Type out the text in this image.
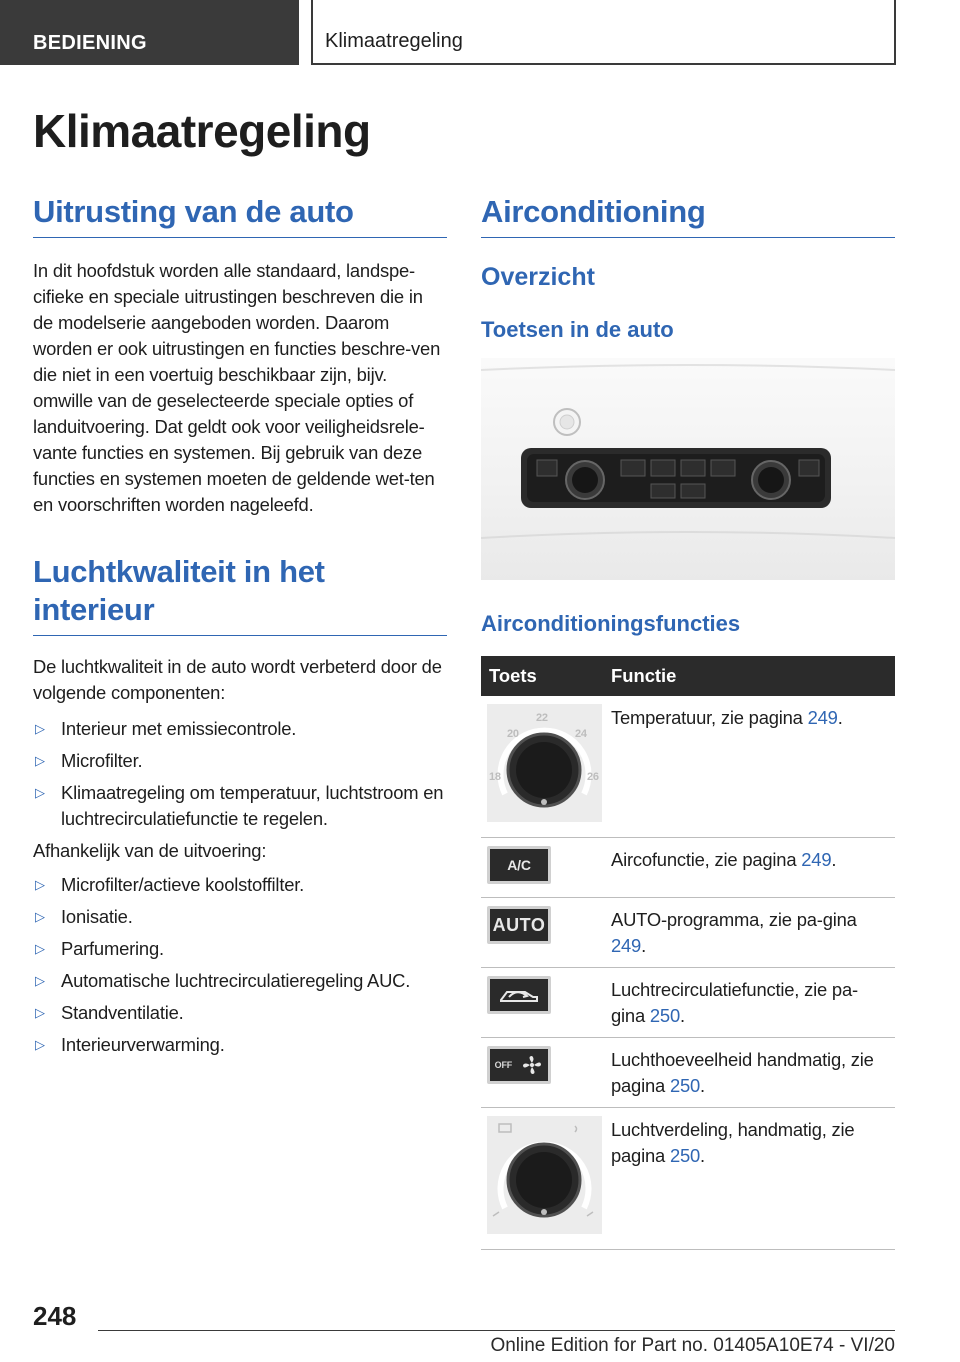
BEDIENING	Klimaatregeling
Klimaatregeling
Uitrusting van de auto

In dit hoofdstuk worden alle standaard, landspe-cifieke en speciale uitrustingen beschreven die in de modelserie aangeboden worden. Daarom worden er ook uitrustingen en functies beschre-ven die niet in een voertuig beschikbaar zijn, bijv. omwille van de geselecteerde speciale opties of landuitvoering. Dat geldt ook voor veiligheidsrele-vante functies en systemen. Bij gebruik van deze functies en systemen moeten de geldende wet-ten en voorschriften worden nageleefd.

Luchtkwaliteit in het interieur

De luchtkwaliteit in de auto wordt verbeterd door de volgende componenten:

▷ Interieur met emissiecontrole.
▷ Microfilter.
▷ Klimaatregeling om temperatuur, luchtstroom en luchtrecirculatiefunctie te regelen.

Afhankelijk van de uitvoering:

▷ Microfilter/actieve koolstoffilter.
▷ Ionisatie.
▷ Parfumering.
▷ Automatische luchtrecirculatieregeling AUC.
▷ Standventilatie.
▷ Interieurverwarming.
Airconditioning
Overzicht
Toetsen in de auto
Airconditioningsfuncties
Toets	Functie

20
22
24
18 26	Temperatuur, zie pagina 249.

A/C	Aircofunctie, zie pagina 249.

AUTO	AUTO-programma, zie pa-gina 249.

	Luchtrecirculatiefunctie, zie pa-gina 250.

OFF	Luchthoeveelheid handmatig, zie pagina 250.
	Luchtverdeling, handmatig, zie pagina 250.
248
Online Edition for Part no. 01405A10E74 - VI/20
